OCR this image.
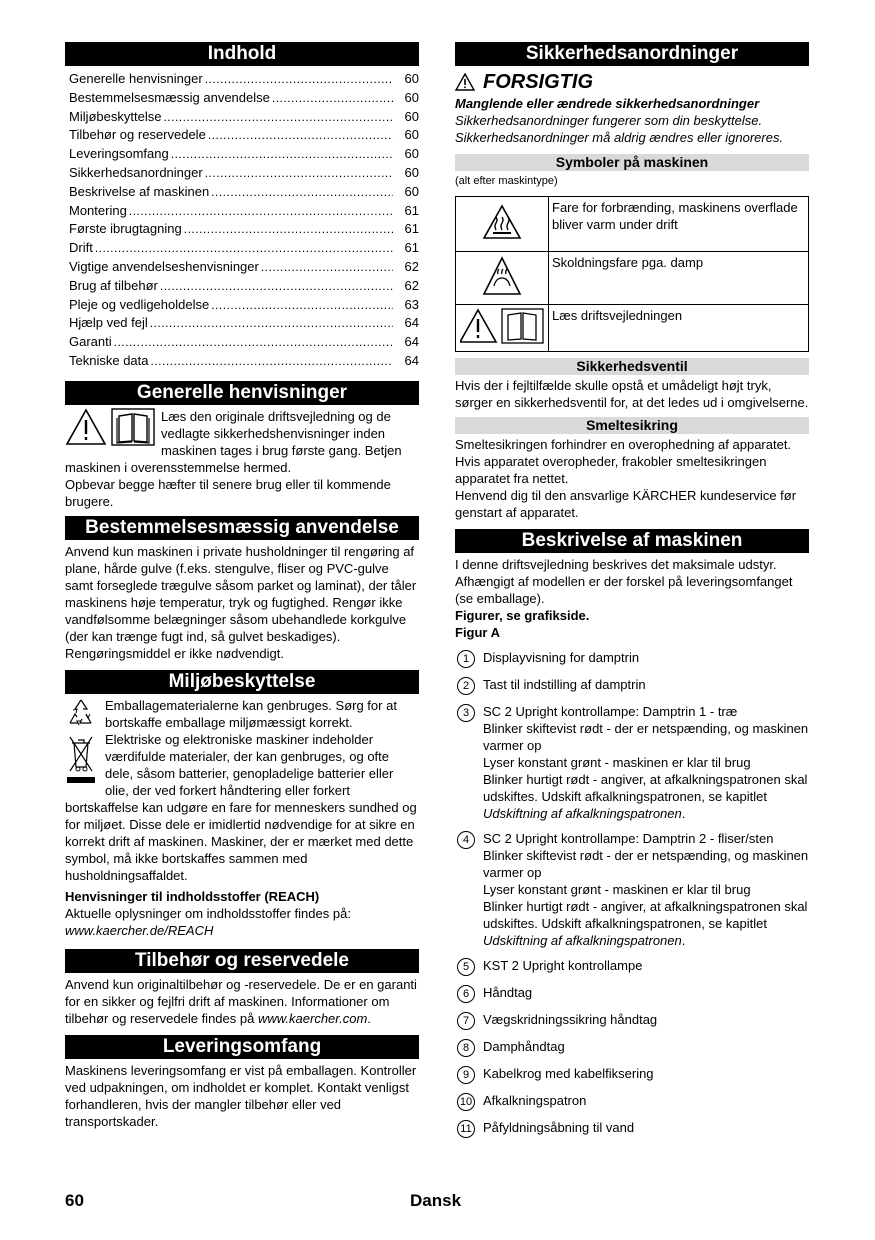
Indhold
Generelle henvisninger .....	60
Bestemmelsesmæssig anvendelse .....	60
Miljøbeskyttelse .....	60
Tilbehør og reservedele .....	60
Leveringsomfang .....	60
Sikkerhedsanordninger .....	60
Beskrivelse af maskinen .....	60
Montering .....	61
Første ibrugtagning .....	61
Drift .....	61
Vigtige anvendelseshenvisninger .....	62
Brug af tilbehør .....	62
Pleje og vedligeholdelse .....	63
Hjælp ved fejl .....	64
Garanti .....	64
Tekniske data .....	64
Generelle henvisninger

Læs den originale driftsvejledning og de vedlagte sikkerhedshenvisninger inden maskinen tages i brug første gang. Betjen maskinen i overensstemmelse hermed.

Opbevar begge hæfter til senere brug eller til kommende brugere.

Bestemmelsesmæssig anvendelse

Anvend kun maskinen i private husholdninger til rengøring af plane, hårde gulve (f.eks. stengulve, fliser og PVC-gulve samt forseglede trægulve såsom parket og laminat), der tåler maskinens høje temperatur, tryk og fugtighed. Rengør ikke vandfølsomme belægninger såsom ubehandlede korkgulve (der kan trænge fugt ind, så gulvet beskadiges).

Rengøringsmiddel er ikke nødvendigt.

Miljøbeskyttelse

Emballagematerialerne kan genbruges. Sørg for at bortskaffe emballage miljømæssigt korrekt.

Elektriske og elektroniske maskiner indeholder værdifulde materialer, der kan genbruges, og ofte dele, såsom batterier, genopladelige batterier eller olie, der ved forkert håndtering eller forkert bortskaffelse kan udgøre en fare for menneskers sundhed og for miljøet. Disse dele er imidlertid nødvendige for at sikre en korrekt drift af maskinen. Maskiner, der er mærket med dette symbol, må ikke bortskaffes sammen med husholdningsaffaldet.

Henvisninger til indholdsstoffer (REACH)

Aktuelle oplysninger om indholdsstoffer findes på:

www.kaercher.de/REACH

Tilbehør og reservedele

Anvend kun originaltilbehør og -reservedele. De er en garanti for en sikker og fejlfri drift af maskinen. Informationer om tilbehør og reservedele findes på www.kaercher.com.

Leveringsomfang

Maskinens leveringsomfang er vist på emballagen. Kontroller ved udpakningen, om indholdet er komplet. Kontakt venligst forhandleren, hvis der mangler tilbehør eller ved transportskader.

Sikkerhedsanordninger
FORSIGTIG

Manglende eller ændrede sikkerhedsanordninger

Sikkerhedsanordninger fungerer som din beskyttelse. Sikkerhedsanordninger må aldrig ændres eller ignoreres.

Symboler på maskinen

(alt efter maskintype)

	Fare for forbrænding, maskinens overflade bliver varm under drift
	Skoldningsfare pga. damp
	Læs driftsvejledningen
Sikkerhedsventil

Hvis der i fejltilfælde skulle opstå et umådeligt højt tryk, sørger en sikkerhedsventil for, at det ledes ud i omgivelserne.

Smeltesikring

Smeltesikringen forhindrer en overophedning af apparatet. Hvis apparatet overopheder, frakobler smeltesikringen apparatet fra nettet.

Henvend dig til den ansvarlige KÄRCHER kundeservice før genstart af apparatet.

Beskrivelse af maskinen

I denne driftsvejledning beskrives det maksimale udstyr. Afhængigt af modellen er der forskel på leveringsomfanget (se emballage).

Figurer, se grafikside.

Figur A

1	Displayvisning for damptrin
2	Tast til indstilling af damptrin
3	SC 2 Upright kontrollampe: Damptrin 1 - træ

Blinker skiftevist rødt - der er netspænding, og maskinen varmer op

Lyser konstant grønt - maskinen er klar til brug

Blinker hurtigt rødt - angiver, at afkalkningspatronen skal udskiftes. Udskift afkalkningspatronen, se kapitlet Udskiftning af afkalkningspatronen.

4	SC 2 Upright kontrollampe: Damptrin 2 - fliser/sten

Blinker skiftevist rødt - der er netspænding, og maskinen varmer op

Lyser konstant grønt - maskinen er klar til brug

Blinker hurtigt rødt - angiver, at afkalkningspatronen skal udskiftes. Udskift afkalkningspatronen, se kapitlet Udskiftning af afkalkningspatronen.

5	KST 2 Upright kontrollampe
6	Håndtag
7	Vægskridningssikring håndtag
8	Damphåndtag
9	Kabelkrog med kabelfiksering
10 Afkalkningspatron
11 Påfyldningsåbning til vand
60	Dansk
